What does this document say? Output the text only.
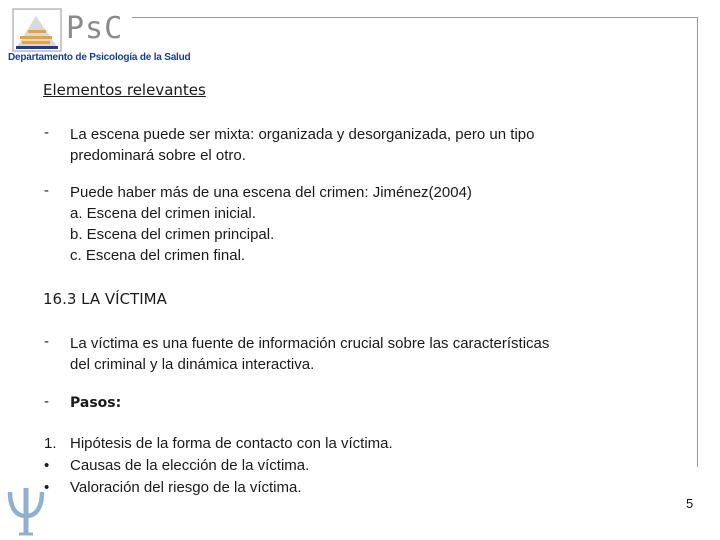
PsC
Departamento de Psicología de la Salud
Elementos relevantes
- La escena puede ser mixta: organizada y desorganizada, pero un tipo
predominará sobre el otro.
- Puede haber más de una escena del crimen: Jiménez(2004)
a. Escena del crimen inicial.
b. Escena del crimen principal.
c. Escena del crimen final.
16.3 LA VÍCTIMA
- La víctima es una fuente de información crucial sobre las características
del criminal y la dinámica interactiva.
- Pasos:
1. Hipótesis de la forma de contacto con la víctima.
• Causas de la elección de la víctima.
• Valoración del riesgo de la víctima.
5
